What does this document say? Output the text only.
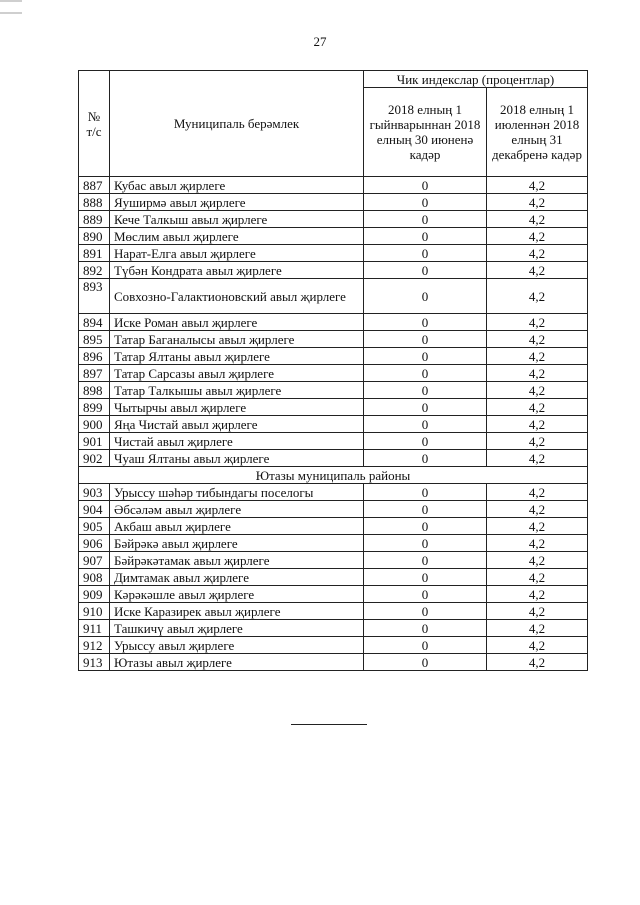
27
№ т/с	Муниципаль берәмлек	Чик индекслар (процентлар)	
		2018 елның 1 гыйнварыннан 2018 елның 30 июненә кадәр	2018 елның 1 июленнән 2018 елның 31 декабренә кадәр
887	Кубас авыл җирлеге	0	4,2
888	Яуширмә авыл җирлеге	0	4,2
889	Кече Талкыш авыл җирлеге	0	4,2
890	Мөслим авыл җирлеге	0	4,2
891	Нарат-Елга авыл җирлеге	0	4,2
892	Түбән Кондрата авыл җирлеге	0	4,2
893	Совхозно-Галактионовский авыл җирлеге	0	4,2
894	Иске Роман авыл җирлеге	0	4,2
895	Татар Баганалысы авыл җирлеге	0	4,2
896	Татар Ялтаны авыл җирлеге	0	4,2
897	Татар Сарсазы авыл җирлеге	0	4,2
898	Татар Талкышы авыл җирлеге	0	4,2
899	Чытырчы авыл җирлеге	0	4,2
900	Яңа Чистай авыл җирлеге	0	4,2
901	Чистай авыл җирлеге	0	4,2
902	Чуаш Ялтаны авыл җирлеге	0	4,2
Ютазы муниципаль районы			
903	Урыссу шәһәр тибындагы поселогы	0	4,2
904	Әбсәләм авыл җирлеге	0	4,2
905	Акбаш авыл җирлеге	0	4,2
906	Бәйрәкә авыл җирлеге	0	4,2
907	Бәйрәкәтамак авыл җирлеге	0	4,2
908	Димтамак авыл җирлеге	0	4,2
909	Кәрәкәшле авыл җирлеге	0	4,2
910	Иске Каразирек авыл җирлеге	0	4,2
911	Ташкичү авыл җирлеге	0	4,2
912	Урыссу авыл җирлеге	0	4,2
913	Ютазы авыл җирлеге	0	4,2
